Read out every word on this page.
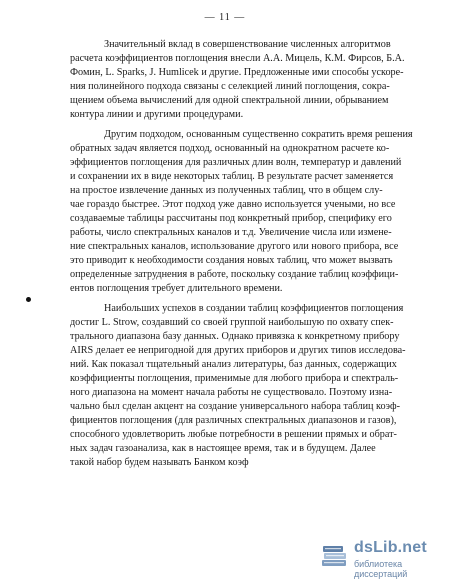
— 11 —
Значительный вклад в совершенствование численных алгоритмов
расчета коэффициентов поглощения внесли А.А. Мицель, К.М. Фирсов, Б.А.
Фомин, L. Sparks, J. Humlicek и другие. Предложенные ими способы ускоре-
ния полинейного подхода связаны с селекцией линий поглощения, сокра-
щением объема вычислений для одной спектральной линии, обрыванием
контура линии и другими процедурами.
Другим подходом, основанным существенно сократить время решения
обратных задач является подход, основанный на однократном расчете ко-
эффициентов поглощения для различных длин волн, температур и давлений
и сохранении их в виде некоторых таблиц. В результате расчет заменяется
на простое извлечение данных из полученных таблиц, что в общем слу-
чае гораздо быстрее. Этот подход уже давно используется учеными, но все
создаваемые таблицы рассчитаны под конкретный прибор, специфику его
работы, число спектральных каналов и т.д. Увеличение числа или измене-
ние спектральных каналов, использование другого или нового прибора, все
это приводит к необходимости создания новых таблиц, что может вызвать
определенные затруднения в работе, поскольку создание таблиц коэффици-
ентов поглощения требует длительного времени.
Наибольших успехов в создании таблиц коэффициентов поглощения
достиг L. Strow, создавший со своей группой наибольшую по охвату спек-
трального диапазона базу данных. Однако привязка к конкретному прибору
AIRS делает ее непригодной для других приборов и других типов исследова-
ний. Как показал тщательный анализ литературы, баз данных, содержащих
коэффициенты поглощения, применимые для любого прибора и спектраль-
ного диапазона на момент начала работы не существовало. Поэтому изна-
чально был сделан акцент на создание универсального набора таблиц коэф-
фициентов поглощения (для различных спектральных диапазонов и газов),
способного удовлетворить любые потребности в решении прямых и обрат-
ных задач газоанализа, как в настоящее время, так и в будущем. Далее
такой набор будем называть Банком коэф
dsLib.net
библиотека диссертаций
